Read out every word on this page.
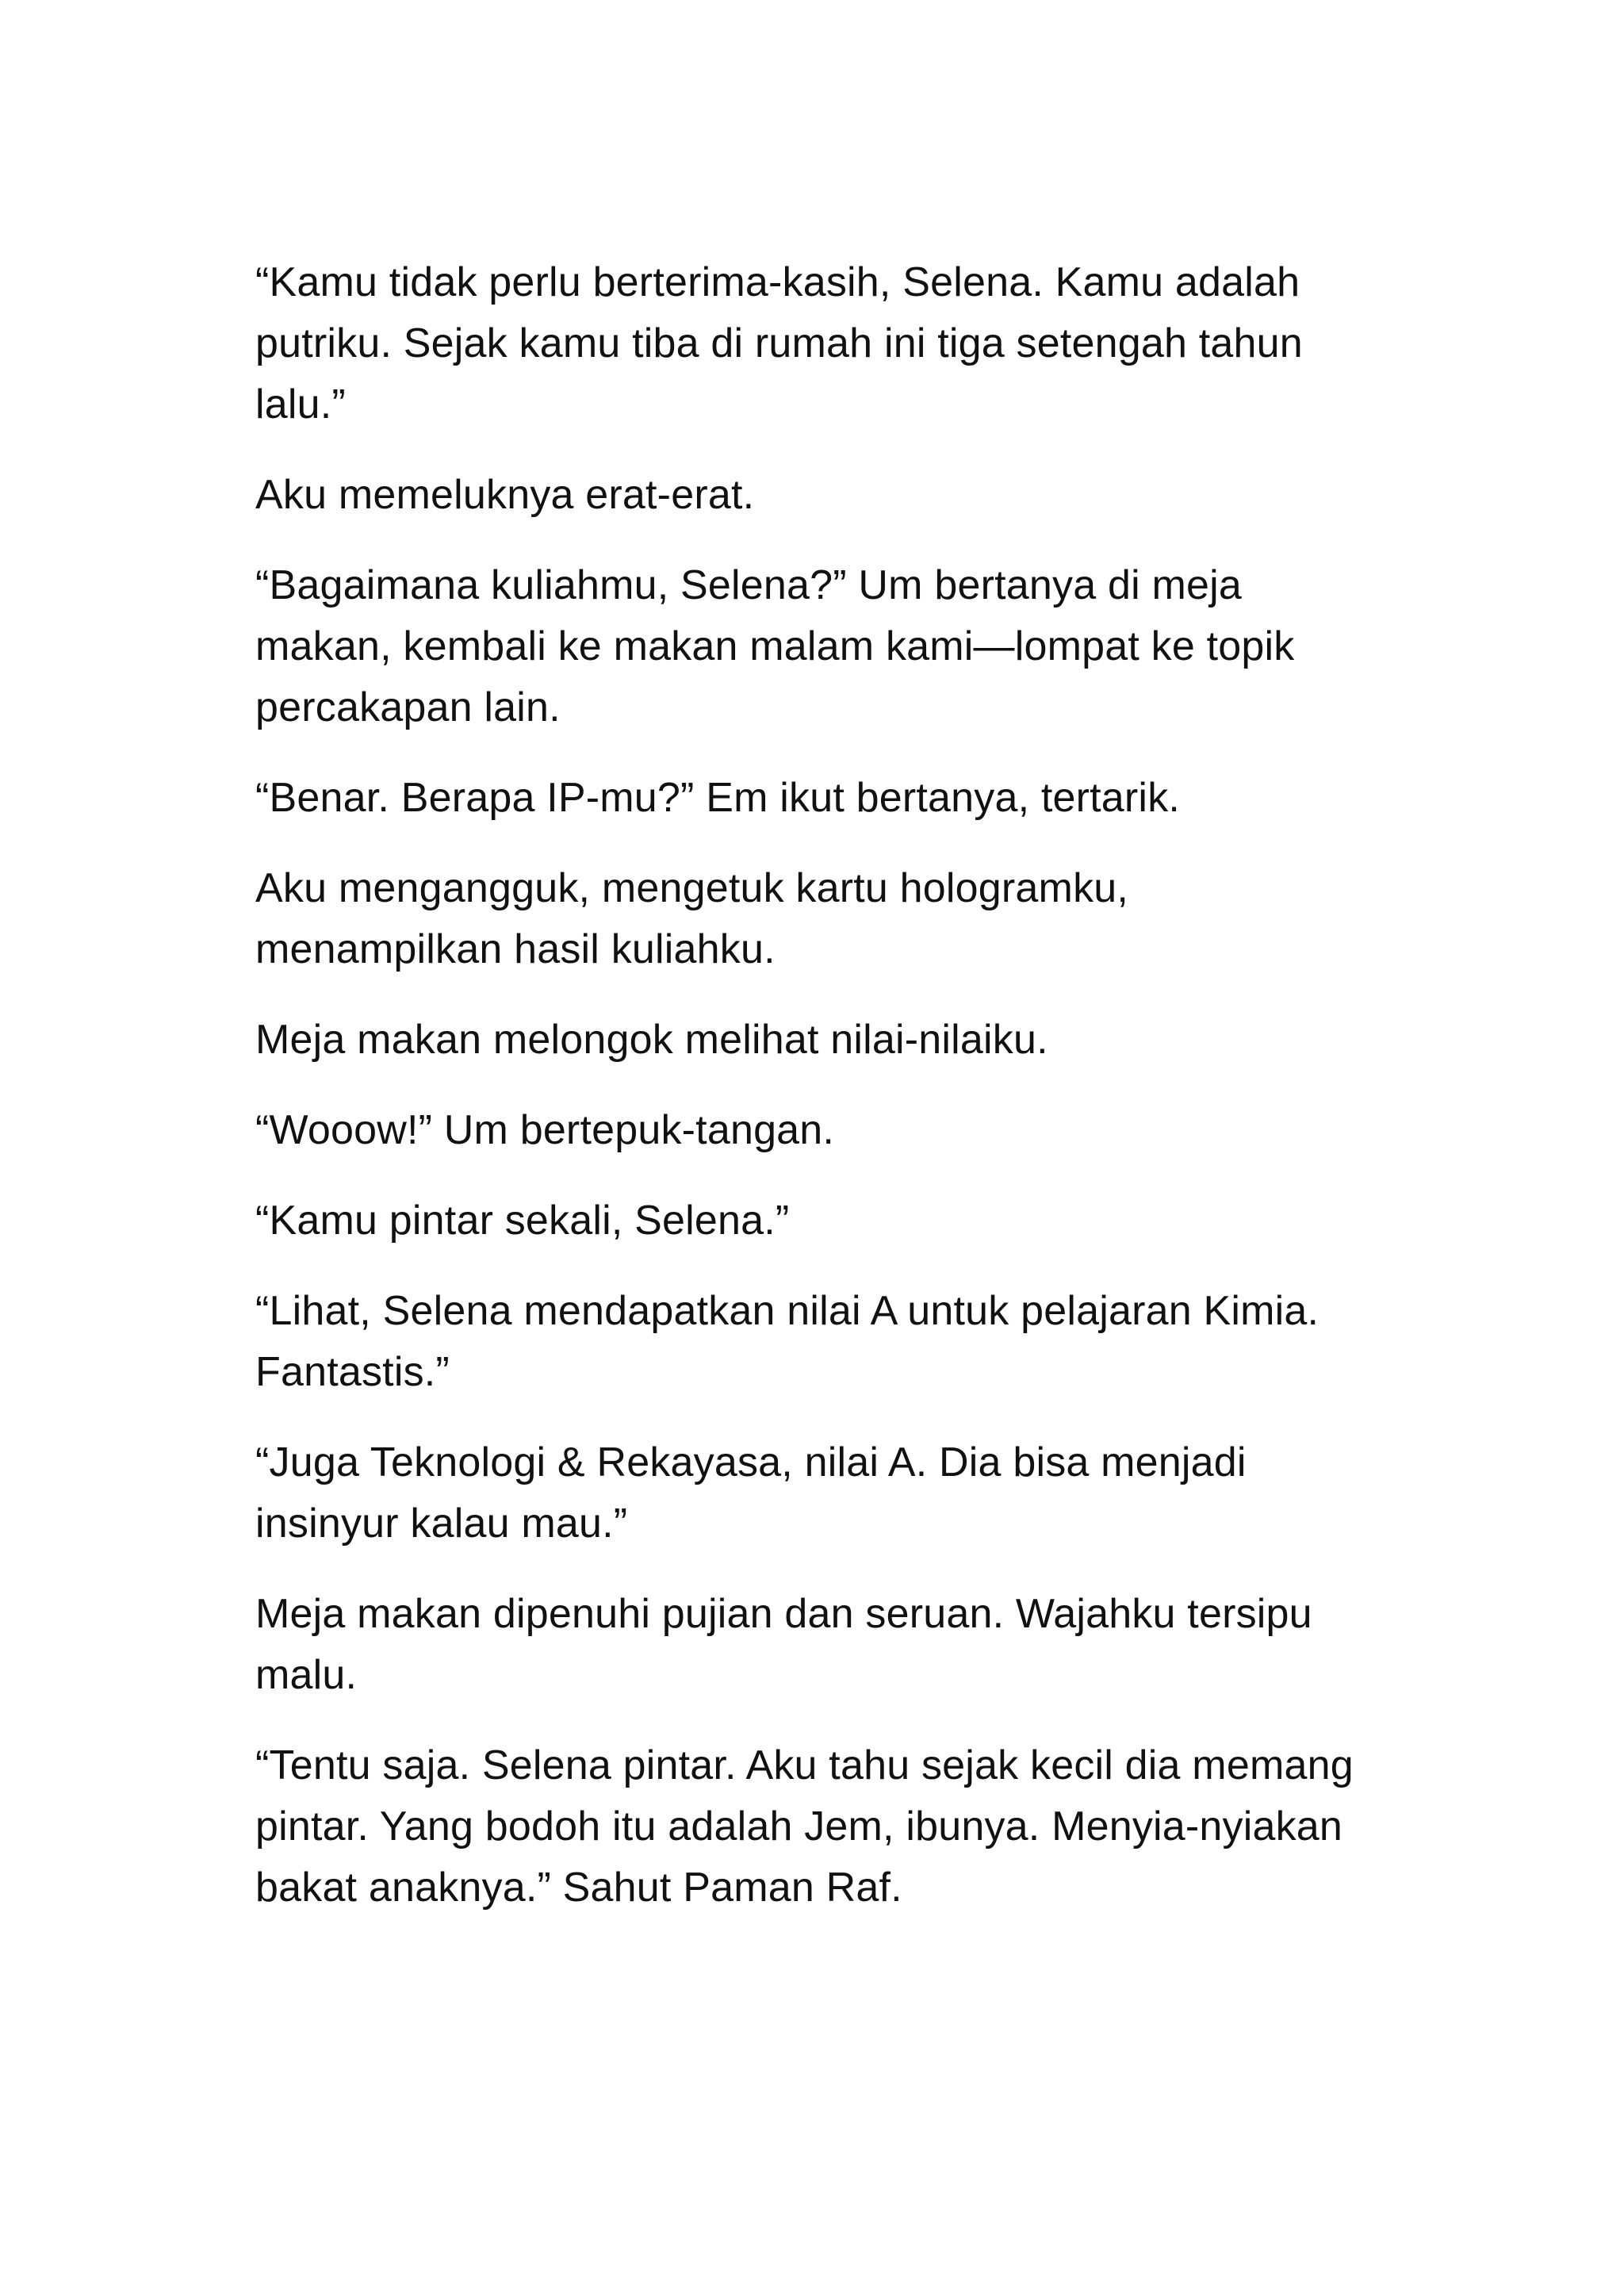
“Kamu tidak perlu berterima-kasih, Selena. Kamu adalah
putriku. Sejak kamu tiba di rumah ini tiga setengah tahun
lalu.”

Aku memeluknya erat-erat.

“Bagaimana kuliahmu, Selena?” Um bertanya di meja
makan, kembali ke makan malam kami—lompat ke topik
percakapan lain.

“Benar. Berapa IP-mu?” Em ikut bertanya, tertarik.

Aku mengangguk, mengetuk kartu hologramku,
menampilkan hasil kuliahku.

Meja makan melongok melihat nilai-nilaiku.

“Wooow!” Um bertepuk-tangan.

“Kamu pintar sekali, Selena.”

“Lihat, Selena mendapatkan nilai A untuk pelajaran Kimia.
Fantastis.”

“Juga Teknologi & Rekayasa, nilai A. Dia bisa menjadi
insinyur kalau mau.”

Meja makan dipenuhi pujian dan seruan. Wajahku tersipu
malu.

“Tentu saja. Selena pintar. Aku tahu sejak kecil dia memang
pintar. Yang bodoh itu adalah Jem, ibunya. Menyia-nyiakan
bakat anaknya.” Sahut Paman Raf.
